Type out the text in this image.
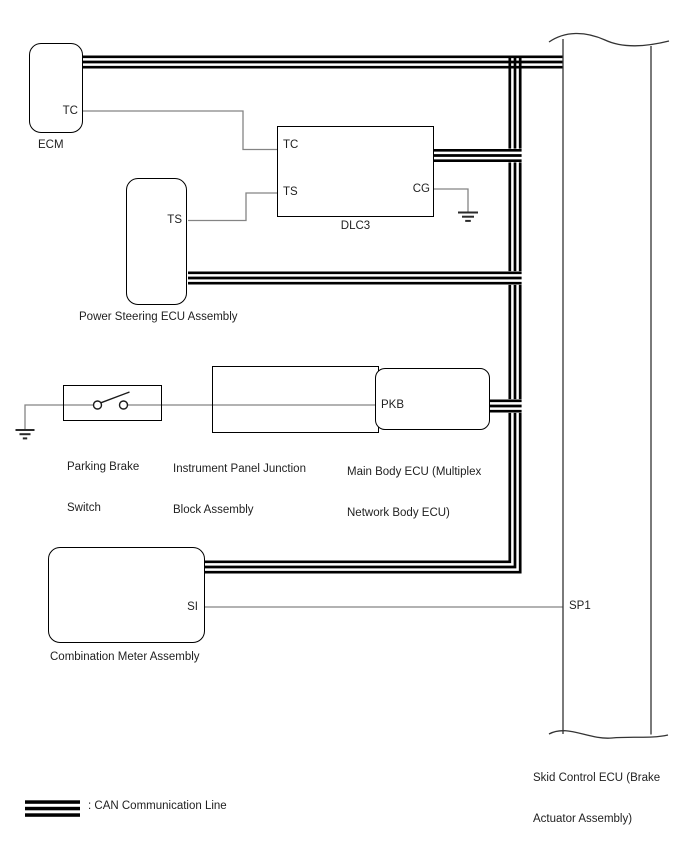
TC
TC
TS	CG
TS
PKB
SI	SP1
ECM
DLC3
Power Steering ECU Assembly

Parking Brake

Switch

Instrument Panel Junction

Block Assembly

Main Body ECU (Multiplex

Network Body ECU)

Combination Meter Assembly

Skid Control ECU (Brake

Actuator Assembly)

: CAN Communication Line
